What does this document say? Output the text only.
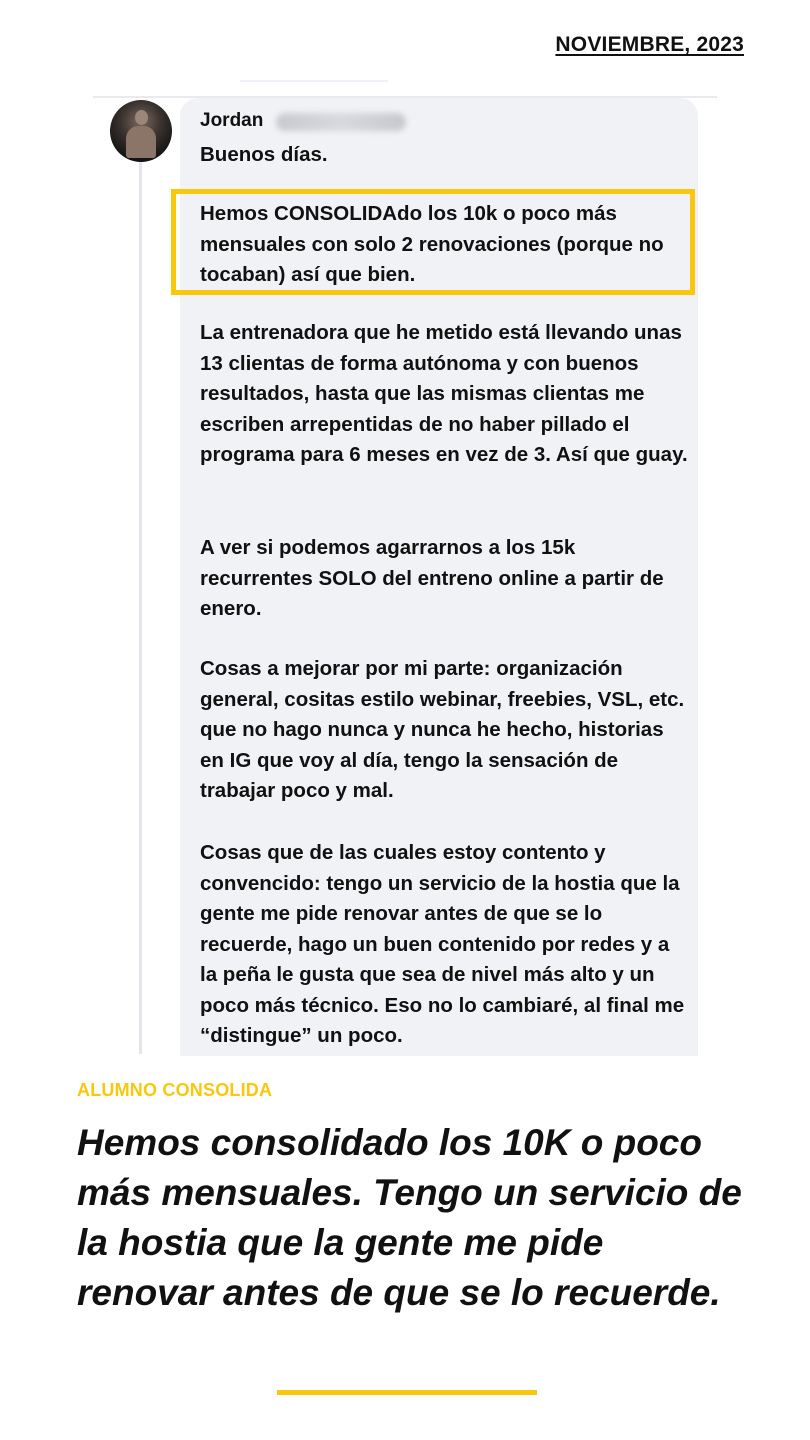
NOVIEMBRE, 2023
Jordan
Buenos días.
Hemos CONSOLIDAdo los 10k o poco más mensuales con solo 2 renovaciones (porque no tocaban) así que bien.
La entrenadora que he metido está llevando unas 13 clientas de forma autónoma y con buenos resultados, hasta que las mismas clientas me escriben arrepentidas de no haber pillado el programa para 6 meses en vez de 3. Así que guay.
A ver si podemos agarrarnos a los 15k recurrentes SOLO del entreno online a partir de enero.
Cosas a mejorar por mi parte: organización general, cositas estilo webinar, freebies, VSL, etc. que no hago nunca y nunca he hecho, historias en IG que voy al día, tengo la sensación de trabajar poco y mal.
Cosas que de las cuales estoy contento y convencido: tengo un servicio de la hostia que la gente me pide renovar antes de que se lo recuerde, hago un buen contenido por redes y a la peña le gusta que sea de nivel más alto y un poco más técnico. Eso no lo cambiaré, al final me “distingue” un poco.
ALUMNO CONSOLIDA
Hemos consolidado los 10K o poco más mensuales. Tengo un servicio de la hostia que la gente me pide renovar antes de que se lo recuerde.
